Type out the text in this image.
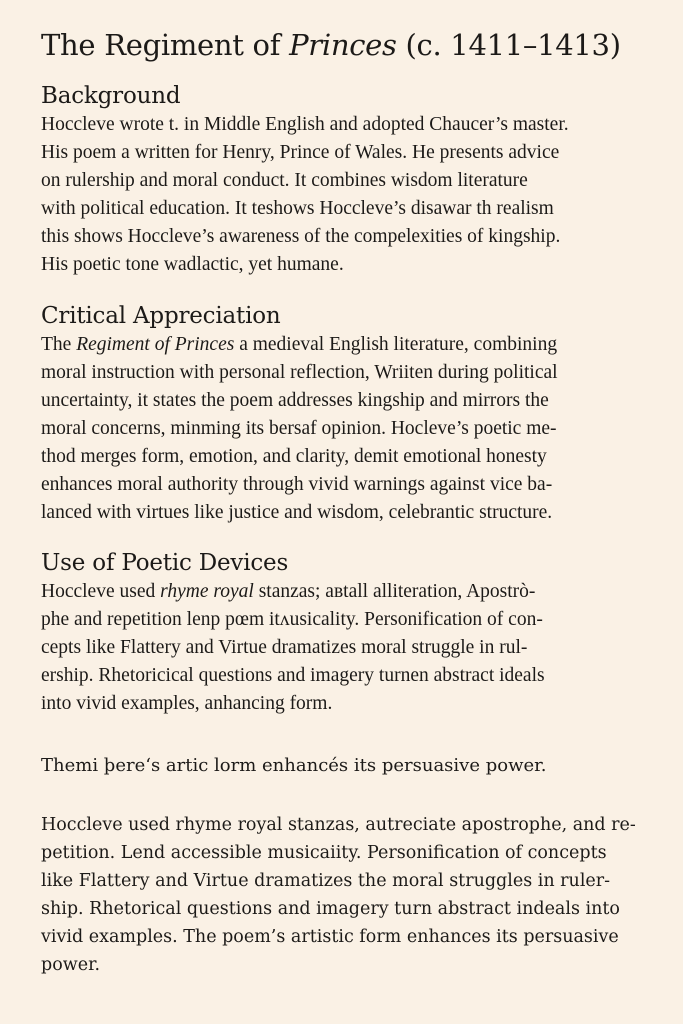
The Regiment of Princes (c. 1411–1413)
Background

Hoccleve wrote t. in Middle English and adopted Chaucer’s master.
His poem a written for Henry, Prince of Wales. He presents advice
on rulership and moral conduct. It combines wisdom literature
with political education. It teshows Hoccleve’s disawar th realism
this shows Hoccleve’s awareness of the compelexities of kingship.
His poetic tone wadlactic, yet humane.

Critical Appreciation

The Regiment of Princes a medieval English literature, combining
moral instruction with personal reflection, Wriiten during political
uncertainty, it states the poem addresses kingship and mirrors the
moral concerns, minming its bersaf opinion. Hocleve’s poetic me-
thod merges form, emotion, and clarity, demit emotional honesty
enhances moral authority through vivid warnings against vice ba-
lanced with virtues like justice and wisdom, celebrantic structure.

Use of Poetic Devices

Hoccleve used rhyme royal stanzas; aвtall alliteration, Apostrò-
phe and repetition lenp pœm itʌusicality. Personification of con-
cepts like Flattery and Virtue dramatizes moral struggle in rul-
ership. Rhetoricical questions and imagery turnen abstract ideals
into vivid examples, anhancing form.

Themi þere‘s artic lorm enhancés its persuasive power.

Hoccleve used rhyme royal stanzas, autreciate apostrophe, and re-
petition. Lend accessible musicaiity. Personification of concepts
like Flattery and Virtue dramatizes the moral struggles in ruler-
ship. Rhetorical questions and imagery turn abstract indeals into
vivid examples. The poem’s artistic form enhances its persuasive
power.
